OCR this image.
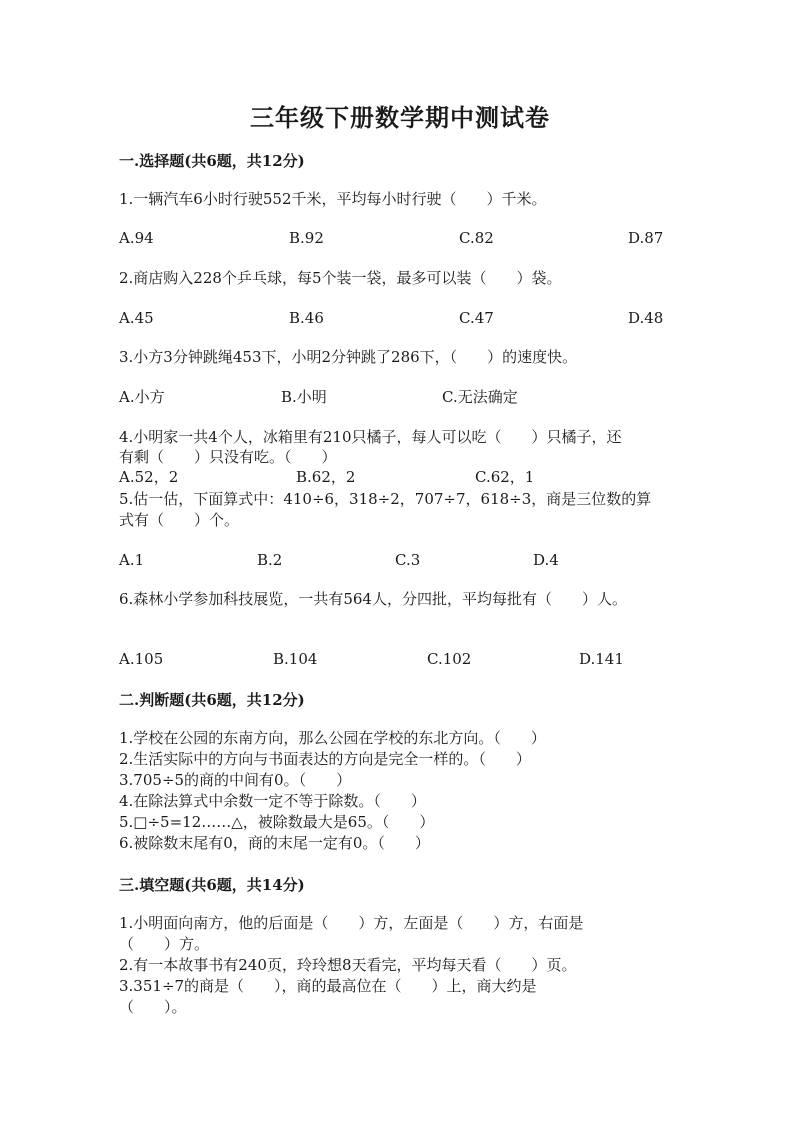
三年级下册数学期中测试卷
一.选择题(共6题，共12分)
1.一辆汽车6小时行驶552千米，平均每小时行驶（　　）千米。
A.94	B.92	C.82	D.87
2.商店购入228个乒乓球，每5个装一袋，最多可以装（　　）袋。
A.45	B.46	C.47	D.48
3.小方3分钟跳绳453下，小明2分钟跳了286下，（　　）的速度快。
A.小方	B.小明	C.无法确定
4.小明家一共4个人，冰箱里有210只橘子，每人可以吃（　　）只橘子，还
有剩（　　）只没有吃。（　　）
A.52，2	B.62，2	C.62，1
5.估一估，下面算式中：410÷6，318÷2，707÷7，618÷3，商是三位数的算
式有（　　）个。
A.1	B.2	C.3	D.4
6.森林小学参加科技展览，一共有564人，分四批，平均每批有（　　）人。
A.105	B.104	C.102	D.141
二.判断题(共6题，共12分)
1.学校在公园的东南方向，那么公园在学校的东北方向。（　　）
2.生活实际中的方向与书面表达的方向是完全一样的。（　　）
3.705÷5的商的中间有0。（　　）
4.在除法算式中余数一定不等于除数。（　　）
5.□÷5=12……△，被除数最大是65。（　　）
6.被除数末尾有0，商的末尾一定有0。（　　）
三.填空题(共6题，共14分)
1.小明面向南方，他的后面是（　　）方，左面是（　　）方，右面是
（　　）方。
2.有一本故事书有240页，玲玲想8天看完，平均每天看（　　）页。
3.351÷7的商是（　　），商的最高位在（　　）上，商大约是
（　　）。
